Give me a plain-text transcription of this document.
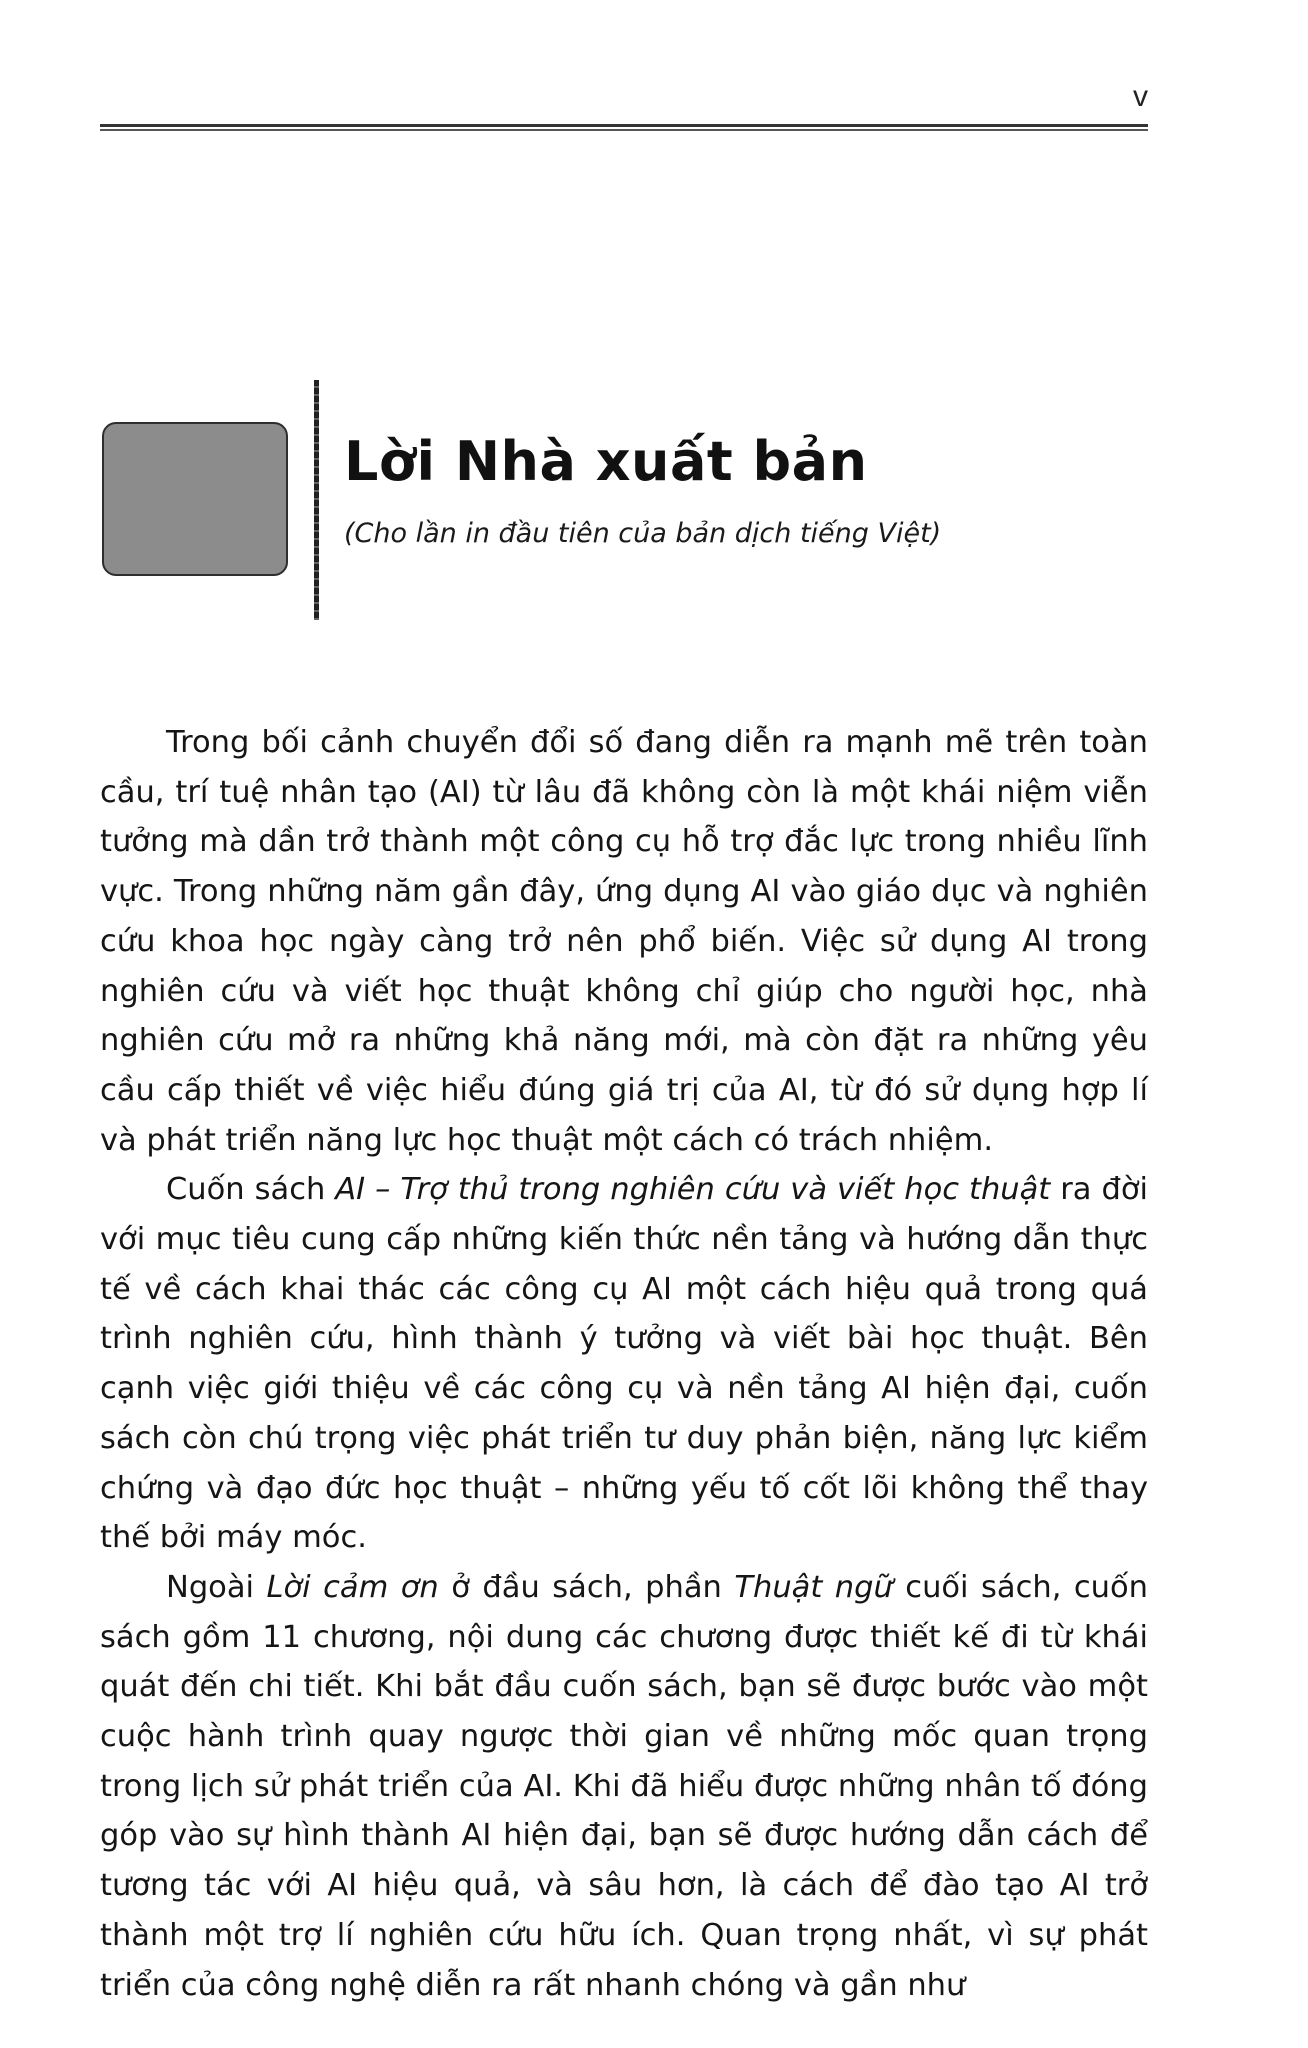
v
Lời Nhà xuất bản

(Cho lần in đầu tiên của bản dịch tiếng Việt)

Trong bối cảnh chuyển đổi số đang diễn ra mạnh mẽ trên toàn cầu, trí tuệ nhân tạo (AI) từ lâu đã không còn là một khái niệm viễn tưởng mà dần trở thành một công cụ hỗ trợ đắc lực trong nhiều lĩnh vực. Trong những năm gần đây, ứng dụng AI vào giáo dục và nghiên cứu khoa học ngày càng trở nên phổ biến. Việc sử dụng AI trong nghiên cứu và viết học thuật không chỉ giúp cho người học, nhà nghiên cứu mở ra những khả năng mới, mà còn đặt ra những yêu cầu cấp thiết về việc hiểu đúng giá trị của AI, từ đó sử dụng hợp lí và phát triển năng lực học thuật một cách có trách nhiệm.

Cuốn sách AI – Trợ thủ trong nghiên cứu và viết học thuật ra đời với mục tiêu cung cấp những kiến thức nền tảng và hướng dẫn thực tế về cách khai thác các công cụ AI một cách hiệu quả trong quá trình nghiên cứu, hình thành ý tưởng và viết bài học thuật. Bên cạnh việc giới thiệu về các công cụ và nền tảng AI hiện đại, cuốn sách còn chú trọng việc phát triển tư duy phản biện, năng lực kiểm chứng và đạo đức học thuật – những yếu tố cốt lõi không thể thay thế bởi máy móc.

Ngoài Lời cảm ơn ở đầu sách, phần Thuật ngữ cuối sách, cuốn sách gồm 11 chương, nội dung các chương được thiết kế đi từ khái quát đến chi tiết. Khi bắt đầu cuốn sách, bạn sẽ được bước vào một cuộc hành trình quay ngược thời gian về những mốc quan trọng trong lịch sử phát triển của AI. Khi đã hiểu được những nhân tố đóng góp vào sự hình thành AI hiện đại, bạn sẽ được hướng dẫn cách để tương tác với AI hiệu quả, và sâu hơn, là cách để đào tạo AI trở thành một trợ lí nghiên cứu hữu ích. Quan trọng nhất, vì sự phát triển của công nghệ diễn ra rất nhanh chóng và gần như
